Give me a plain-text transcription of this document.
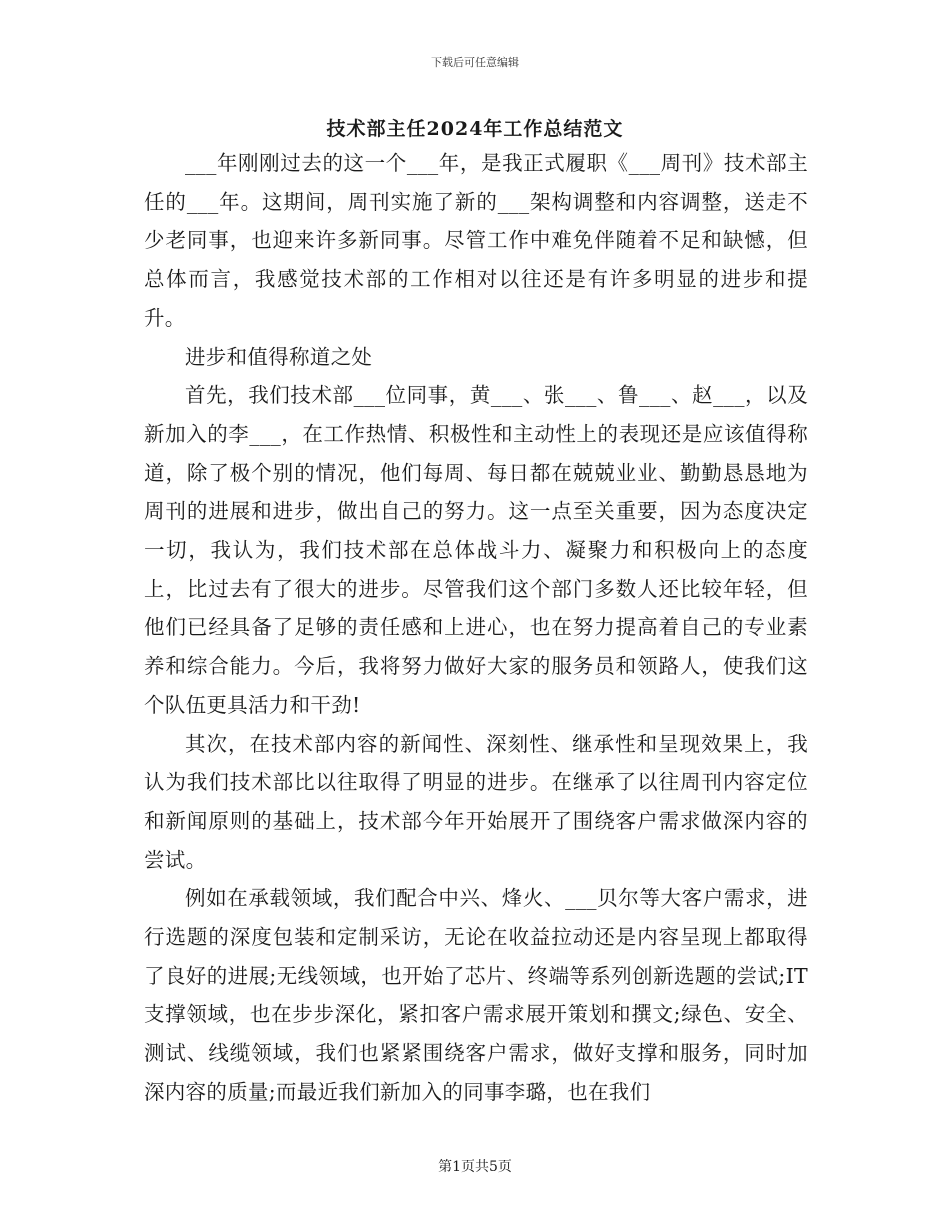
下载后可任意编辑
技术部主任2024年工作总结范文

___年刚刚过去的这一个___年，是我正式履职《___周刊》技术部主任的___年。这期间，周刊实施了新的___架构调整和内容调整，送走不少老同事，也迎来许多新同事。尽管工作中难免伴随着不足和缺憾，但总体而言，我感觉技术部的工作相对以往还是有许多明显的进步和提升。

进步和值得称道之处

首先，我们技术部___位同事，黄___、张___、鲁___、赵___，以及新加入的李___，在工作热情、积极性和主动性上的表现还是应该值得称道，除了极个别的情况，他们每周、每日都在兢兢业业、勤勤恳恳地为周刊的进展和进步，做出自己的努力。这一点至关重要，因为态度决定一切，我认为，我们技术部在总体战斗力、凝聚力和积极向上的态度上，比过去有了很大的进步。尽管我们这个部门多数人还比较年轻，但他们已经具备了足够的责任感和上进心，也在努力提高着自己的专业素养和综合能力。今后，我将努力做好大家的服务员和领路人，使我们这个队伍更具活力和干劲!

其次，在技术部内容的新闻性、深刻性、继承性和呈现效果上，我认为我们技术部比以往取得了明显的进步。在继承了以往周刊内容定位和新闻原则的基础上，技术部今年开始展开了围绕客户需求做深内容的尝试。

例如在承载领域，我们配合中兴、烽火、___贝尔等大客户需求，进行选题的深度包装和定制采访，无论在收益拉动还是内容呈现上都取得了良好的进展;无线领域，也开始了芯片、终端等系列创新选题的尝试;IT支撑领域，也在步步深化，紧扣客户需求展开策划和撰文;绿色、安全、测试、线缆领域，我们也紧紧围绕客户需求，做好支撑和服务，同时加深内容的质量;而最近我们新加入的同事李璐，也在我们

第1页共5页
